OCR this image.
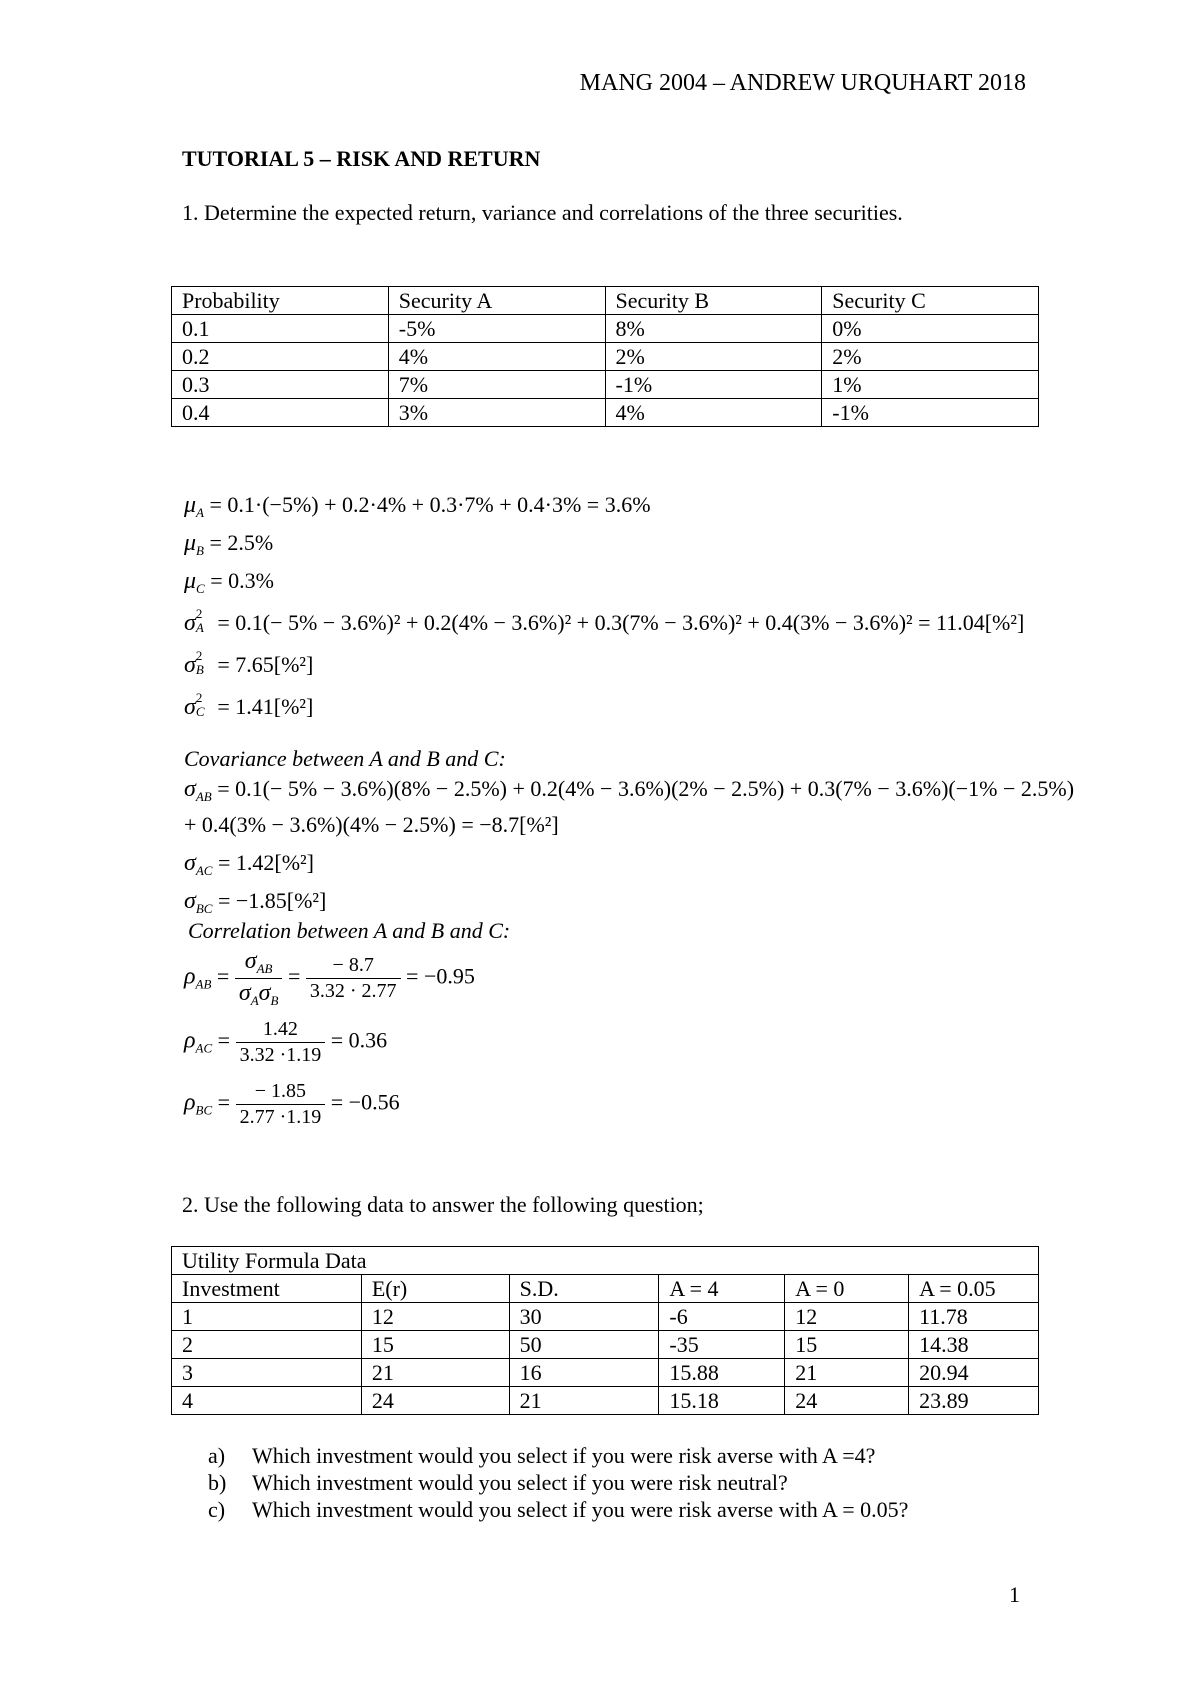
MANG 2004 – ANDREW URQUHART 2018
TUTORIAL 5 – RISK AND RETURN
1. Determine the expected return, variance and correlations of the three securities.
Probability	Security A	Security B	Security C
0.1	-5%	8%	0%
0.2	4%	2%	2%
0.3	7%	-1%	1%
0.4	3%	4%	-1%
$\mu_A = 0.1\cdot(-5\%) + 0.2\cdot 4\% + 0.3\cdot 7\% + 0.4\cdot 3\% = 3.6\%$
$\mu_B = 2.5\%$
$\mu_C = 0.3\%$
σ 2
A = 0.1(− 5% − 3.6%)² + 0.2(4% − 3.6%)² + 0.3(7% − 3.6%)² + 0.4(3% − 3.6%)² = 11.04[%²]
σ 2
B = 7.65[%²]
σ 2
C = 1.41[%²]
Covariance between A and B and C:
$\sigma_{AB} = 0.1(- 5\% - 3.6\%)(8\% - 2.5\%) + 0.2(4\% - 3.6\%)(2\% - 2.5\%) + 0.3(7\% - 3.6\%)(-1\% - 2.5\%)$
+ 0.4(3% − 3.6%)(4% − 2.5%) = −8.7[%²]
$\sigma_{AC} = 1.42[\%^2]$
$\sigma_{BC} = -1.85[\%^2]$
Correlation between A and B and C:
$\rho_{AB} = \frac{\sigma_{AB}}{\sigma_A\sigma_B} = \frac{- 8.7}{3.32 \cdot 2.77} = -0.95$
$\rho_{AC} = \frac{1.42}{3.32 \cdot 1.19} = 0.36$
$\rho_{BC} = \frac{- 1.85}{2.77 \cdot 1.19} = -0.56$
2. Use the following data to answer the following question;
Utility Formula Data					
Investment	E(r)	S.D.	A = 4	A = 0	A = 0.05
1	12	30	-6	12	11.78
2	15	50	-35	15	14.38
3	21	16	15.88	21	20.94
4	24	21	15.18	24	23.89
a) Which investment would you select if you were risk averse with A =4?
b) Which investment would you select if you were risk neutral?
c) Which investment would you select if you were risk averse with A = 0.05?
1
